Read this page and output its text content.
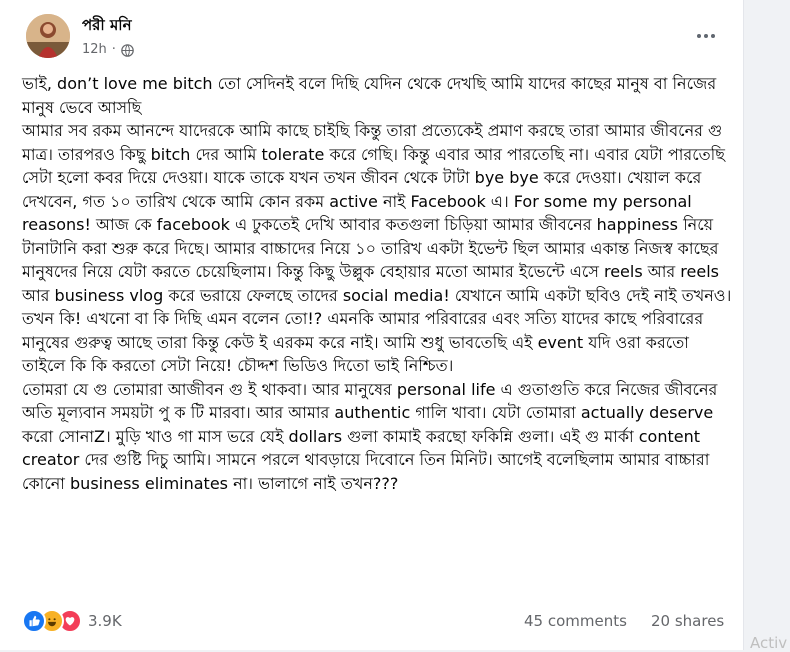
পরী মনি
12h ·

ভাই, don’t love me bitch তো সেদিনই বলে দিছি যেদিন থেকে দেখছি আমি যাদের কাছের মানুষ বা নিজের মানুষ ভেবে আসছি

আমার সব রকম আনন্দে যাদেরকে আমি কাছে চাইছি কিন্তু তারা প্রত্যেকেই প্রমাণ করছে তারা আমার জীবনের গু মাত্র। তারপরও কিছু bitch দের আমি tolerate করে গেছি। কিন্তু এবার আর পারতেছি না। এবার যেটা পারতেছি সেটা হলো কবর দিয়ে দেওয়া। যাকে তাকে যখন তখন জীবন থেকে টাটা bye bye করে দেওয়া। খেয়াল করে দেখবেন, গত ১০ তারিখ থেকে আমি কোন রকম active নাই Facebook এ। For some my personal reasons! আজ কে facebook এ ঢুকতেই দেখি আবার কতগুলা চিড়িয়া আমার জীবনের happiness নিয়ে টানাটানি করা শুরু করে দিছে। আমার বাচ্চাদের নিয়ে ১০ তারিখ একটা ইভেন্ট ছিল আমার একান্ত নিজস্ব কাছের মানুষদের নিয়ে যেটা করতে চেয়েছিলাম। কিন্তু কিছু উল্লুক বেহায়ার মতো আমার ইভেন্টে এসে reels আর reels আর business vlog করে ভরায়ে ফেলছে তাদের social media! যেখানে আমি একটা ছবিও দেই নাই তখনও। তখন কি! এখনো বা কি দিছি এমন বলেন তো!? এমনকি আমার পরিবারের এবং সত্যি যাদের কাছে পরিবারের মানুষের গুরুত্ব আছে তারা কিন্তু কেউ ই এরকম করে নাই। আমি শুধু ভাবতেছি এই event যদি ওরা করতো তাইলে কি কি করতো সেটা নিয়ে! চৌদ্দশ ভিডিও দিতো ভাই নিশ্চিত।

তোমরা যে গু তোমারা আজীবন গু ই থাকবা। আর মানুষের personal life এ গুতাগুতি করে নিজের জীবনের অতি মূল্যবান সময়টা পু ক টি মারবা। আর আমার authentic গালি খাবা। যেটা তোমারা actually deserve করো সোনাZ। মুড়ি খাও গা মাস ভরে যেই dollars গুলা কামাই করছো ফকিন্নি গুলা। এই গু মার্কা content creator দের গুষ্টি দিচু আমি। সামনে পরলে থাবড়ায়ে দিবোনে তিন মিনিট। আগেই বলেছিলাম আমার বাচ্চারা কোনো business eliminates না। ভালাগে নাই তখন???

3.9K	45 comments 20 shares
Activ
